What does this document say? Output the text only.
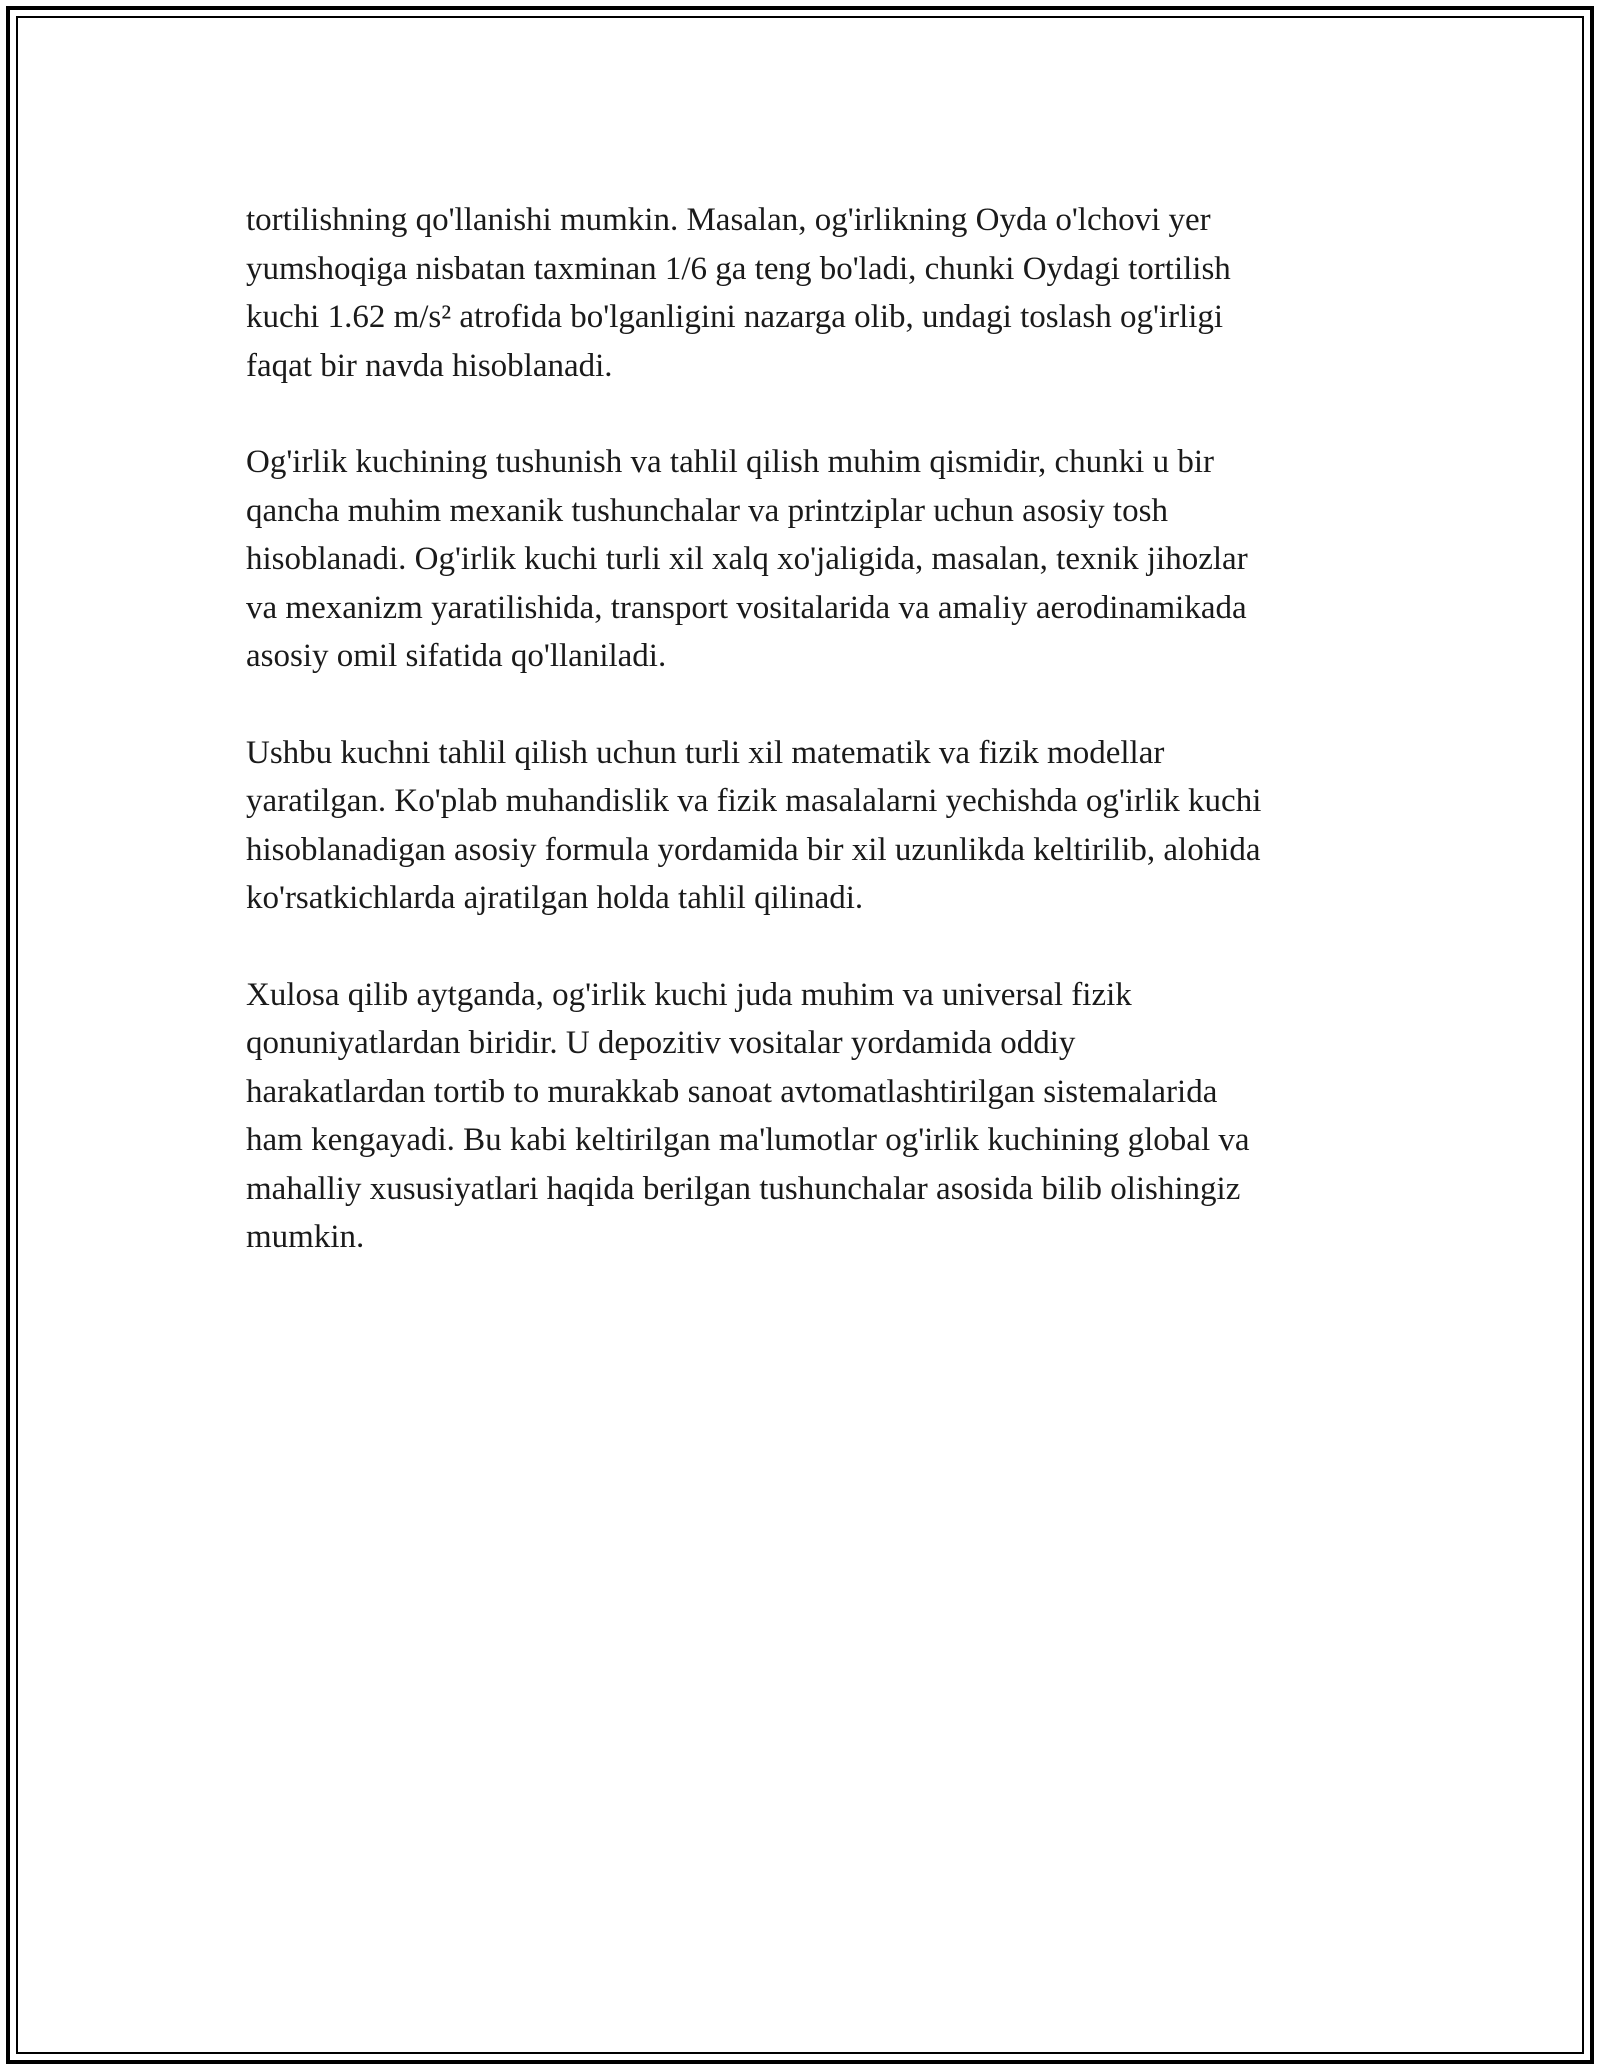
tortilishning qo'llanishi mumkin. Masalan, og'irlikning Oyda o'lchovi yer
yumshoqiga nisbatan taxminan 1/6 ga teng bo'ladi, chunki Oydagi tortilish
kuchi 1.62 m/s² atrofida bo'lganligini nazarga olib, undagi toslash og'irligi
faqat bir navda hisoblanadi.

Og'irlik kuchining tushunish va tahlil qilish muhim qismidir, chunki u bir
qancha muhim mexanik tushunchalar va printziplar uchun asosiy tosh
hisoblanadi. Og'irlik kuchi turli xil xalq xo'jaligida, masalan, texnik jihozlar
va mexanizm yaratilishida, transport vositalarida va amaliy aerodinamikada
asosiy omil sifatida qo'llaniladi.

Ushbu kuchni tahlil qilish uchun turli xil matematik va fizik modellar
yaratilgan. Ko'plab muhandislik va fizik masalalarni yechishda og'irlik kuchi
hisoblanadigan asosiy formula yordamida bir xil uzunlikda keltirilib, alohida
ko'rsatkichlarda ajratilgan holda tahlil qilinadi.

Xulosa qilib aytganda, og'irlik kuchi juda muhim va universal fizik
qonuniyatlardan biridir. U depozitiv vositalar yordamida oddiy
harakatlardan tortib to murakkab sanoat avtomatlashtirilgan sistemalarida
ham kengayadi. Bu kabi keltirilgan ma'lumotlar og'irlik kuchining global va
mahalliy xususiyatlari haqida berilgan tushunchalar asosida bilib olishingiz
mumkin.
